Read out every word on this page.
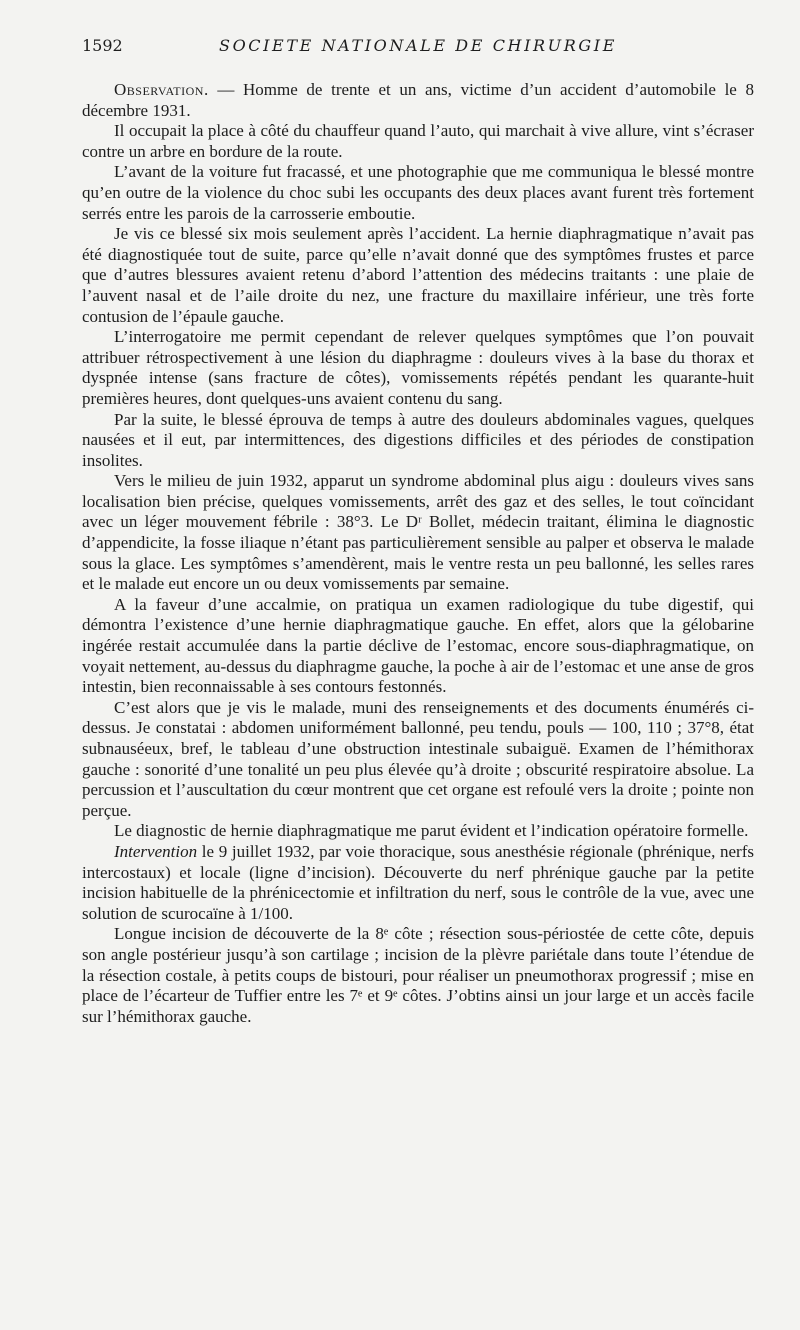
1592	SOCIETE NATIONALE DE CHIRURGIE

Observation. — Homme de trente et un ans, victime d’un accident d’automobile le 8 décembre 1931.

Il occupait la place à côté du chauffeur quand l’auto, qui marchait à vive allure, vint s’écraser contre un arbre en bordure de la route.

L’avant de la voiture fut fracassé, et une photographie que me communiqua le blessé montre qu’en outre de la violence du choc subi les occupants des deux places avant furent très fortement serrés entre les parois de la carrosserie emboutie.

Je vis ce blessé six mois seulement après l’accident. La hernie diaphragmatique n’avait pas été diagnostiquée tout de suite, parce qu’elle n’avait donné que des symptômes frustes et parce que d’autres blessures avaient retenu d’abord l’attention des médecins traitants : une plaie de l’auvent nasal et de l’aile droite du nez, une fracture du maxillaire inférieur, une très forte contusion de l’épaule gauche.

L’interrogatoire me permit cependant de relever quelques symptômes que l’on pouvait attribuer rétrospectivement à une lésion du diaphragme : douleurs vives à la base du thorax et dyspnée intense (sans fracture de côtes), vomissements répétés pendant les quarante-huit premières heures, dont quelques-uns avaient contenu du sang.

Par la suite, le blessé éprouva de temps à autre des douleurs abdominales vagues, quelques nausées et il eut, par intermittences, des digestions difficiles et des périodes de constipation insolites.

Vers le milieu de juin 1932, apparut un syndrome abdominal plus aigu : douleurs vives sans localisation bien précise, quelques vomissements, arrêt des gaz et des selles, le tout coïncidant avec un léger mouvement fébrile : 38°3. Le Dʳ Bollet, médecin traitant, élimina le diagnostic d’appendicite, la fosse iliaque n’étant pas particulièrement sensible au palper et observa le malade sous la glace. Les symptômes s’amendèrent, mais le ventre resta un peu ballonné, les selles rares et le malade eut encore un ou deux vomissements par semaine.

A la faveur d’une accalmie, on pratiqua un examen radiologique du tube digestif, qui démontra l’existence d’une hernie diaphragmatique gauche. En effet, alors que la gélobarine ingérée restait accumulée dans la partie déclive de l’estomac, encore sous-diaphragmatique, on voyait nettement, au-dessus du diaphragme gauche, la poche à air de l’estomac et une anse de gros intestin, bien reconnaissable à ses contours festonnés.

C’est alors que je vis le malade, muni des renseignements et des documents énumérés ci-dessus. Je constatai : abdomen uniformément ballonné, peu tendu, pouls — 100, 110 ; 37°8, état subnauséeux, bref, le tableau d’une obstruction intestinale subaiguë. Examen de l’hémithorax gauche : sonorité d’une tonalité un peu plus élevée qu’à droite ; obscurité respiratoire absolue. La percussion et l’auscultation du cœur montrent que cet organe est refoulé vers la droite ; pointe non perçue.

Le diagnostic de hernie diaphragmatique me parut évident et l’indication opératoire formelle.

Intervention le 9 juillet 1932, par voie thoracique, sous anesthésie régionale (phrénique, nerfs intercostaux) et locale (ligne d’incision). Découverte du nerf phrénique gauche par la petite incision habituelle de la phrénicectomie et infiltration du nerf, sous le contrôle de la vue, avec une solution de scurocaïne à 1/100.

Longue incision de découverte de la 8ᵉ côte ; résection sous-périostée de cette côte, depuis son angle postérieur jusqu’à son cartilage ; incision de la plèvre pariétale dans toute l’étendue de la résection costale, à petits coups de bistouri, pour réaliser un pneumothorax progressif ; mise en place de l’écarteur de Tuffier entre les 7ᵉ et 9ᵉ côtes. J’obtins ainsi un jour large et un accès facile sur l’hémithorax gauche.
